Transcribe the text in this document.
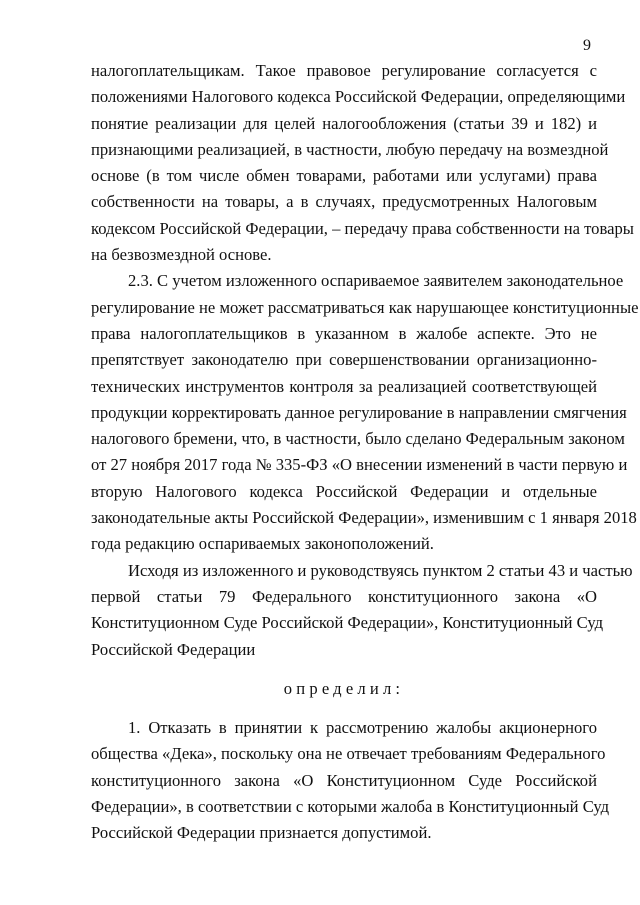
9
налогоплательщикам. Такое правовое регулирование согласуется с
положениями Налогового кодекса Российской Федерации, определяющими
понятие реализации для целей налогообложения (статьи 39 и 182) и
признающими реализацией, в частности, любую передачу на возмездной
основе (в том числе обмен товарами, работами или услугами) права
собственности на товары, а в случаях, предусмотренных Налоговым
кодексом Российской Федерации, – передачу права собственности на товары
на безвозмездной основе.
2.3. С учетом изложенного оспариваемое заявителем законодательное
регулирование не может рассматриваться как нарушающее конституционные
права налогоплательщиков в указанном в жалобе аспекте. Это не
препятствует законодателю при совершенствовании организационно-
технических инструментов контроля за реализацией соответствующей
продукции корректировать данное регулирование в направлении смягчения
налогового бремени, что, в частности, было сделано Федеральным законом
от 27 ноября 2017 года № 335-ФЗ «О внесении изменений в части первую и
вторую Налогового кодекса Российской Федерации и отдельные
законодательные акты Российской Федерации», изменившим с 1 января 2018
года редакцию оспариваемых законоположений.
Исходя из изложенного и руководствуясь пунктом 2 статьи 43 и частью
первой статьи 79 Федерального конституционного закона «О
Конституционном Суде Российской Федерации», Конституционный Суд
Российской Федерации
определил:
1. Отказать в принятии к рассмотрению жалобы акционерного
общества «Дека», поскольку она не отвечает требованиям Федерального
конституционного закона «О Конституционном Суде Российской
Федерации», в соответствии с которыми жалоба в Конституционный Суд
Российской Федерации признается допустимой.
